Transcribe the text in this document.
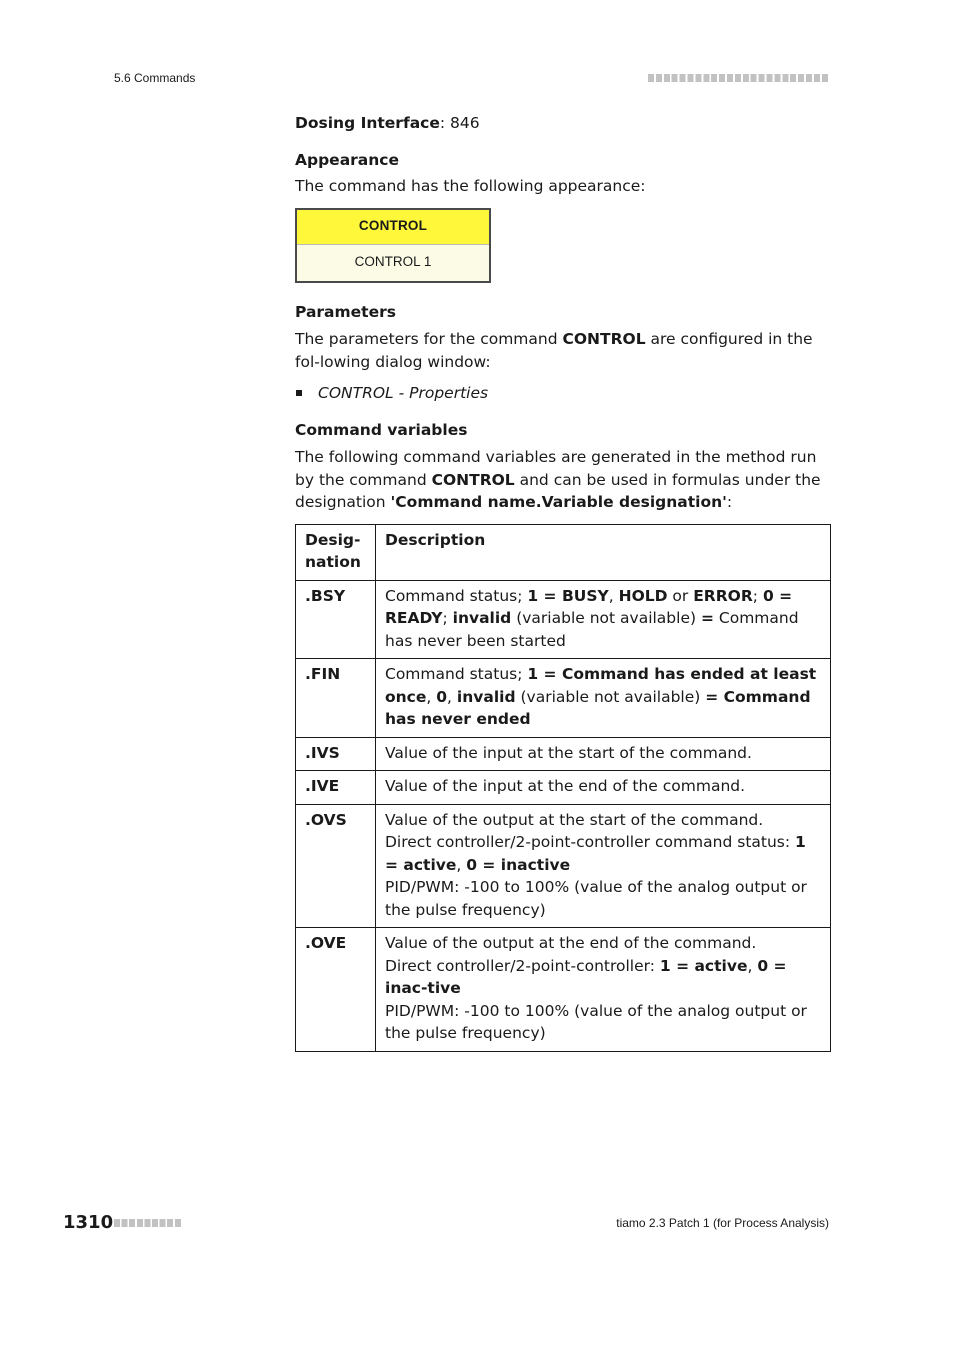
5.6 Commands

Dosing Interface: 846

Appearance

The command has the following appearance:

CONTROL
CONTROL 1

Parameters

The parameters for the command CONTROL are configured in the fol-lowing dialog window:

CONTROL - Properties

Command variables

The following command variables are generated in the method run by the command CONTROL and can be used in formulas under the designation 'Command name.Variable designation':

Desig-nation	Description
.BSY	Command status; 1 = BUSY, HOLD or ERROR; 0 = READY; invalid (variable not available) = Command has never been started
.FIN	Command status; 1 = Command has ended at least once, 0, invalid (variable not available) = Command has never ended
.IVS	Value of the input at the start of the command.
.IVE	Value of the input at the end of the command.
.OVS	Value of the output at the start of the command.

Direct controller/2-point-controller command status: 1 = active, 0 = inactive

PID/PWM: -100 to 100% (value of the analog output or the pulse frequency)

.OVE	Value of the output at the end of the command.

Direct controller/2-point-controller: 1 = active, 0 = inac-tive

PID/PWM: -100 to 100% (value of the analog output or the pulse frequency)

1310	tiamo 2.3 Patch 1 (for Process Analysis)
